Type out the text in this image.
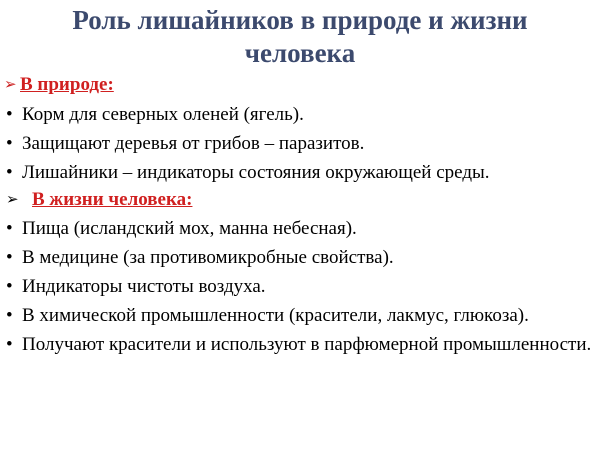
Роль лишайников в природе и жизни
человека
➢ В природе:
• Корм для северных оленей (ягель).
• Защищают деревья от грибов – паразитов.
• Лишайники – индикаторы состояния окружающей среды.
➢ В жизни человека:
• Пища (исландский мох, манна небесная).
• В медицине (за противомикробные свойства).
• Индикаторы чистоты воздуха.
• В химической промышленности (красители, лакмус, глюкоза).
• Получают красители и используют в парфюмерной промышленности.
